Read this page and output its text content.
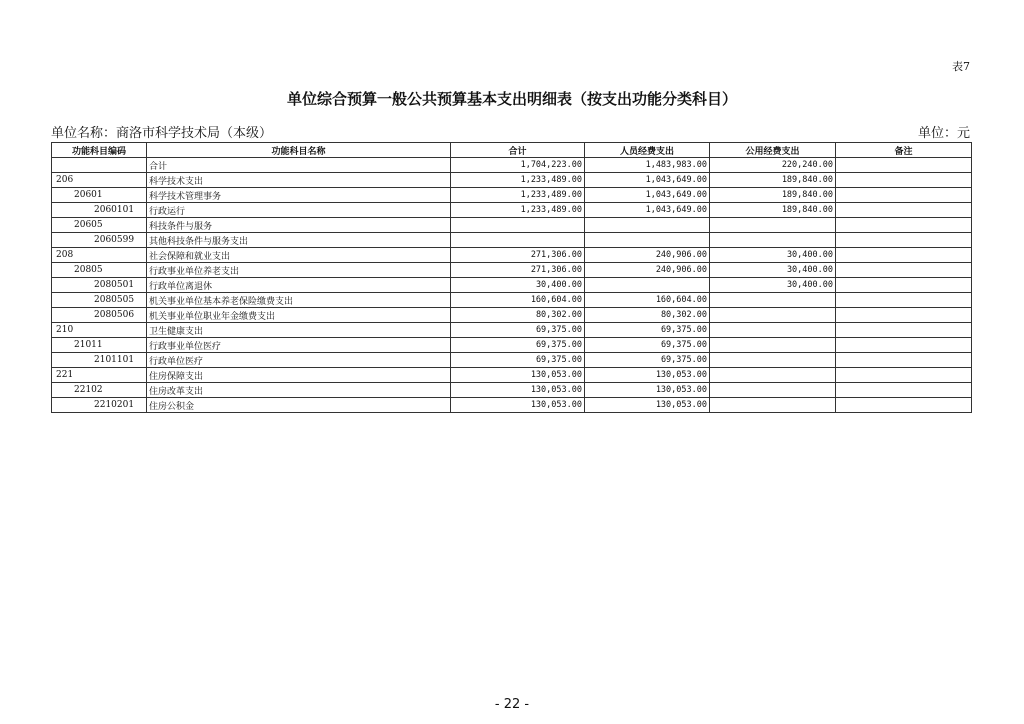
表7
单位综合预算一般公共预算基本支出明细表（按支出功能分类科目）
单位名称：商洛市科学技术局（本级）	单位：元
功能科目编码	功能科目名称	合计	人员经费支出	公用经费支出	备注
	合计	1,704,223.00	1,483,983.00	220,240.00	
206	科学技术支出	1,233,489.00	1,043,649.00	189,840.00	
20601	科学技术管理事务	1,233,489.00	1,043,649.00	189,840.00	
2060101	行政运行	1,233,489.00	1,043,649.00	189,840.00	
20605	科技条件与服务				
2060599	其他科技条件与服务支出				
208	社会保障和就业支出	271,306.00	240,906.00	30,400.00	
20805	行政事业单位养老支出	271,306.00	240,906.00	30,400.00	
2080501	行政单位离退休	30,400.00		30,400.00	
2080505	机关事业单位基本养老保险缴费支出	160,604.00	160,604.00		
2080506	机关事业单位职业年金缴费支出	80,302.00	80,302.00		
210	卫生健康支出	69,375.00	69,375.00		
21011	行政事业单位医疗	69,375.00	69,375.00		
2101101	行政单位医疗	69,375.00	69,375.00		
221	住房保障支出	130,053.00	130,053.00		
22102	住房改革支出	130,053.00	130,053.00		
2210201	住房公积金	130,053.00	130,053.00		
- 22 -
